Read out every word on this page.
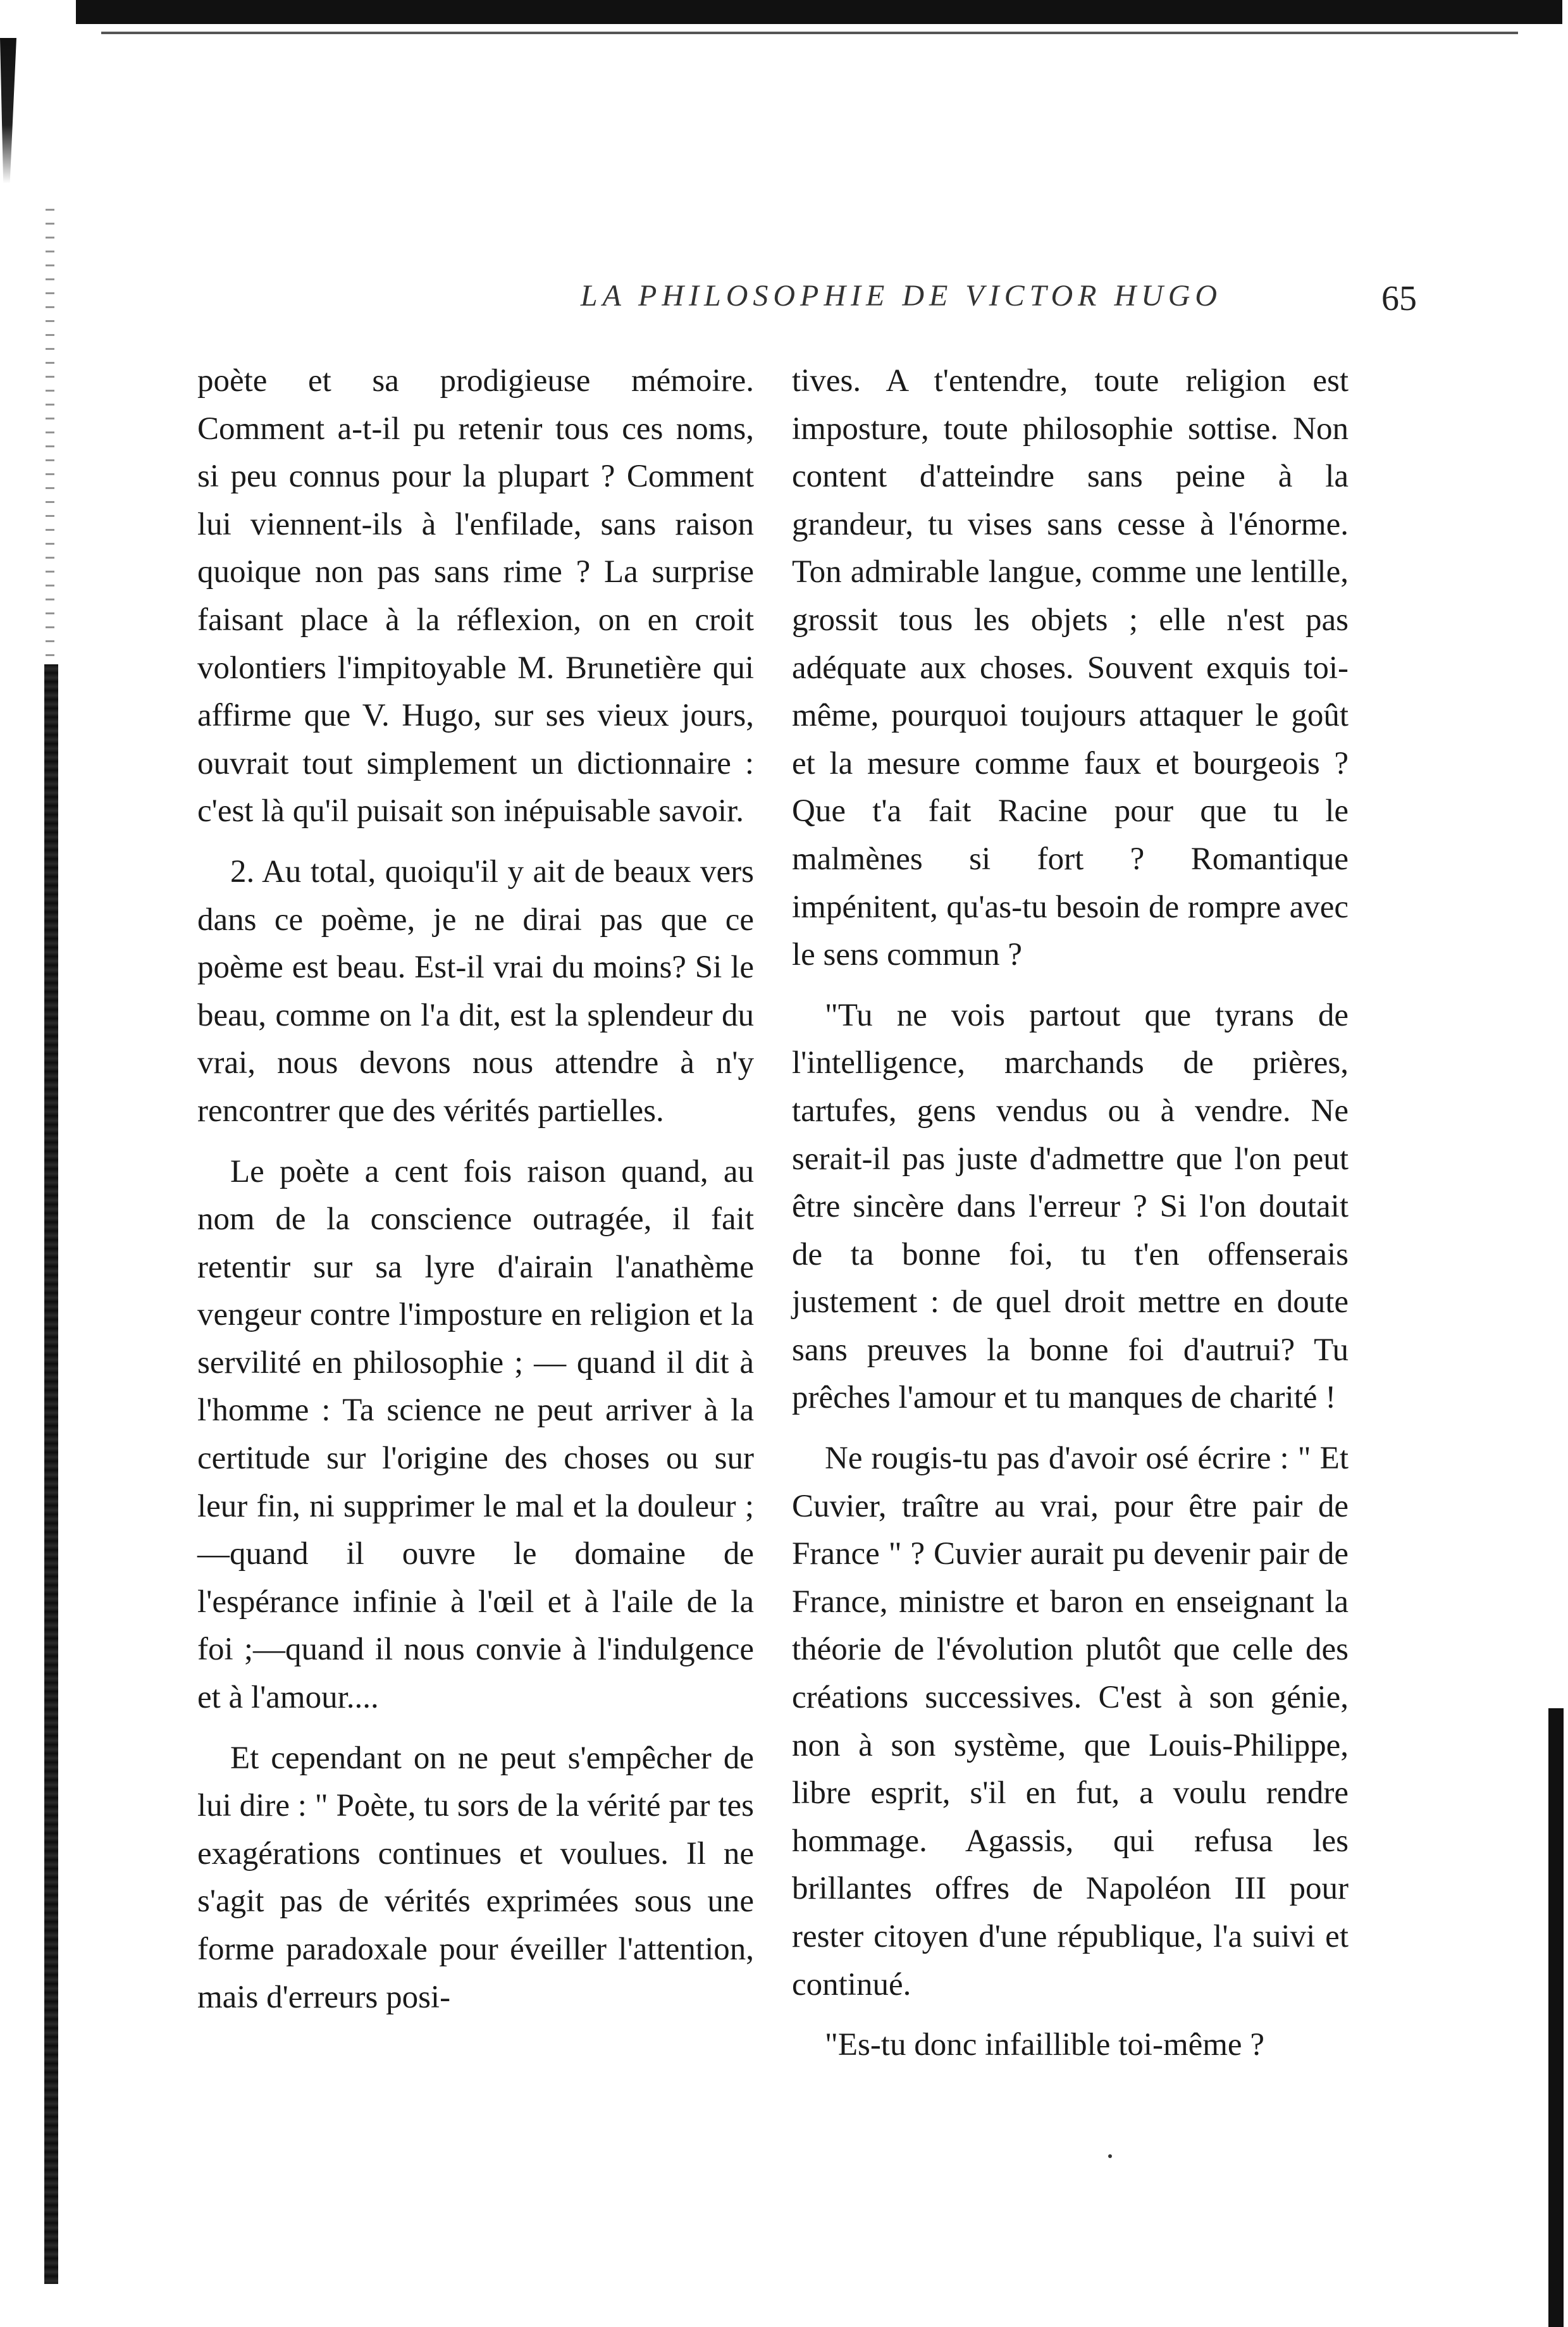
LA PHILOSOPHIE DE VICTOR HUGO	65

poète et sa prodigieuse mémoire. Comment a-t-il pu retenir tous ces noms, si peu connus pour la plupart ? Comment lui viennent-ils à l'enfilade, sans raison quoique non pas sans rime ? La surprise faisant place à la réflexion, on en croit volontiers l'impitoyable M. Brunetière qui affirme que V. Hugo, sur ses vieux jours, ouvrait tout simplement un dictionnaire : c'est là qu'il puisait son inépuisable savoir.

2. Au total, quoiqu'il y ait de beaux vers dans ce poème, je ne dirai pas que ce poème est beau. Est-il vrai du moins? Si le beau, comme on l'a dit, est la splendeur du vrai, nous devons nous attendre à n'y rencontrer que des vérités partielles.

Le poète a cent fois raison quand, au nom de la conscience outragée, il fait retentir sur sa lyre d'airain l'anathème vengeur contre l'imposture en religion et la servilité en philosophie ; — quand il dit à l'homme : Ta science ne peut arriver à la certitude sur l'origine des choses ou sur leur fin, ni supprimer le mal et la douleur ;—quand il ouvre le domaine de l'espérance infinie à l'œil et à l'aile de la foi ;—quand il nous convie à l'indulgence et à l'amour....

Et cependant on ne peut s'empêcher de lui dire : " Poète, tu sors de la vérité par tes exagérations continues et voulues. Il ne s'agit pas de vérités exprimées sous une forme paradoxale pour éveiller l'attention, mais d'erreurs posi-

tives. A t'entendre, toute religion est imposture, toute philosophie sottise. Non content d'atteindre sans peine à la grandeur, tu vises sans cesse à l'énorme. Ton admirable langue, comme une lentille, grossit tous les objets ; elle n'est pas adéquate aux choses. Souvent exquis toi-même, pourquoi toujours attaquer le goût et la mesure comme faux et bourgeois ? Que t'a fait Racine pour que tu le malmènes si fort ? Romantique impénitent, qu'as-tu besoin de rompre avec le sens commun ?

"Tu ne vois partout que tyrans de l'intelligence, marchands de prières, tartufes, gens vendus ou à vendre. Ne serait-il pas juste d'admettre que l'on peut être sincère dans l'erreur ? Si l'on doutait de ta bonne foi, tu t'en offenserais justement : de quel droit mettre en doute sans preuves la bonne foi d'autrui? Tu prêches l'amour et tu manques de charité !

Ne rougis-tu pas d'avoir osé écrire : " Et Cuvier, traître au vrai, pour être pair de France " ? Cuvier aurait pu devenir pair de France, ministre et baron en enseignant la théorie de l'évolution plutôt que celle des créations successives. C'est à son génie, non à son système, que Louis-Philippe, libre esprit, s'il en fut, a voulu rendre hommage. Agassis, qui refusa les brillantes offres de Napoléon III pour rester citoyen d'une république, l'a suivi et continué.

"Es-tu donc infaillible toi-même ?
